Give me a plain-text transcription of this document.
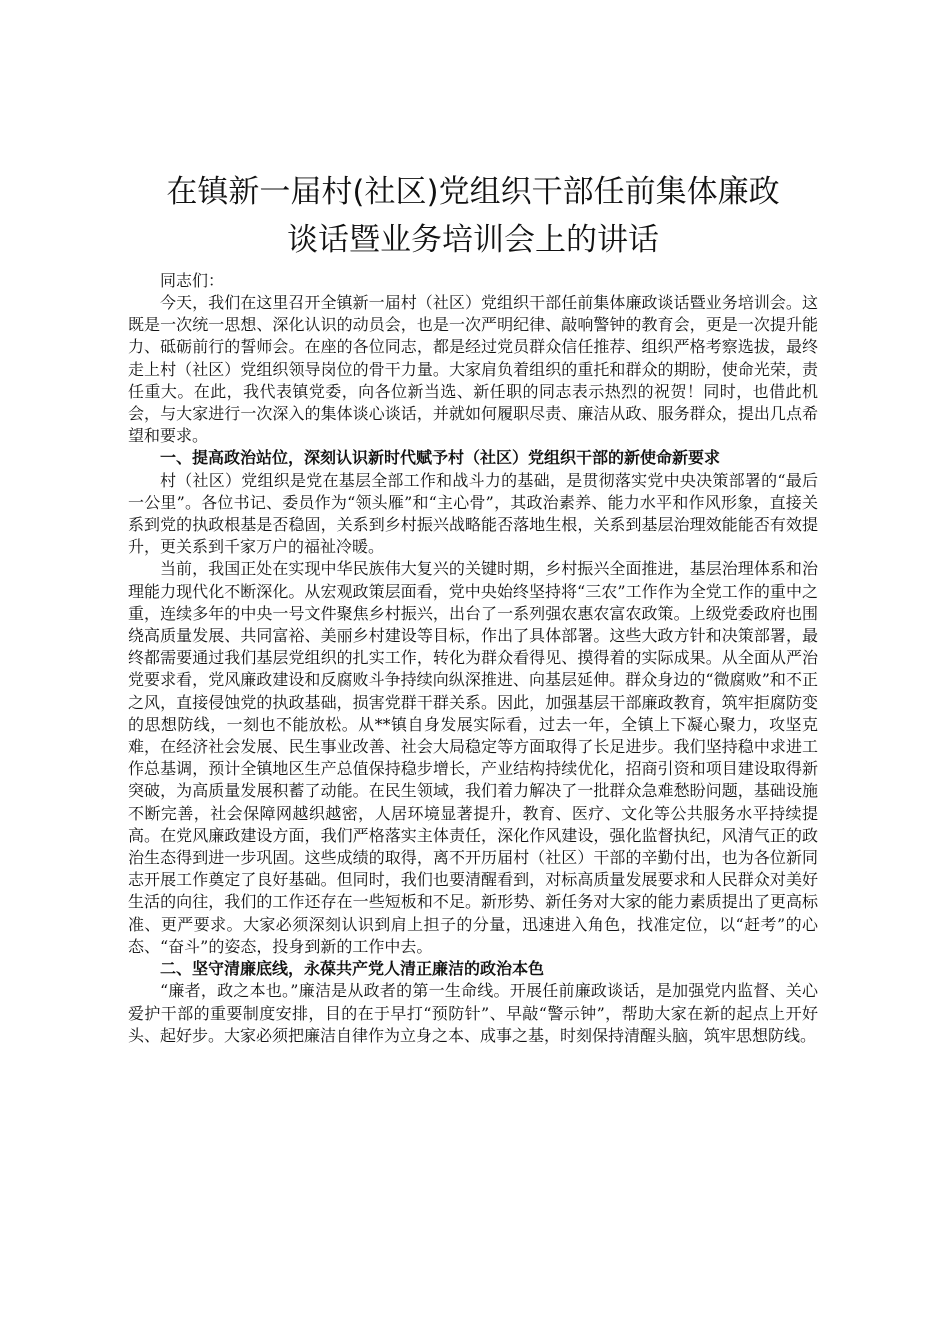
在镇新一届村(社区)党组织干部任前集体廉政
谈话暨业务培训会上的讲话

同志们：

今天，我们在这里召开全镇新一届村（社区）党组织干部任前集体廉政谈话暨业务培训会。这既是一次统一思想、深化认识的动员会，也是一次严明纪律、敲响警钟的教育会，更是一次提升能力、砥砺前行的誓师会。在座的各位同志，都是经过党员群众信任推荐、组织严格考察选拔，最终走上村（社区）党组织领导岗位的骨干力量。大家肩负着组织的重托和群众的期盼，使命光荣，责任重大。在此，我代表镇党委，向各位新当选、新任职的同志表示热烈的祝贺！同时，也借此机会，与大家进行一次深入的集体谈心谈话，并就如何履职尽责、廉洁从政、服务群众，提出几点希望和要求。

一、提高政治站位，深刻认识新时代赋予村（社区）党组织干部的新使命新要求

村（社区）党组织是党在基层全部工作和战斗力的基础，是贯彻落实党中央决策部署的“最后一公里”。各位书记、委员作为“领头雁”和“主心骨”，其政治素养、能力水平和作风形象，直接关系到党的执政根基是否稳固，关系到乡村振兴战略能否落地生根，关系到基层治理效能能否有效提升，更关系到千家万户的福祉冷暖。

当前，我国正处在实现中华民族伟大复兴的关键时期，乡村振兴全面推进，基层治理体系和治理能力现代化不断深化。从宏观政策层面看，党中央始终坚持将“三农”工作作为全党工作的重中之重，连续多年的中央一号文件聚焦乡村振兴，出台了一系列强农惠农富农政策。上级党委政府也围绕高质量发展、共同富裕、美丽乡村建设等目标，作出了具体部署。这些大政方针和决策部署，最终都需要通过我们基层党组织的扎实工作，转化为群众看得见、摸得着的实际成果。从全面从严治党要求看，党风廉政建设和反腐败斗争持续向纵深推进、向基层延伸。群众身边的“微腐败”和不正之风，直接侵蚀党的执政基础，损害党群干群关系。因此，加强基层干部廉政教育，筑牢拒腐防变的思想防线，一刻也不能放松。从**镇自身发展实际看，过去一年，全镇上下凝心聚力，攻坚克难，在经济社会发展、民生事业改善、社会大局稳定等方面取得了长足进步。我们坚持稳中求进工作总基调，预计全镇地区生产总值保持稳步增长，产业结构持续优化，招商引资和项目建设取得新突破，为高质量发展积蓄了动能。在民生领域，我们着力解决了一批群众急难愁盼问题，基础设施不断完善，社会保障网越织越密，人居环境显著提升，教育、医疗、文化等公共服务水平持续提高。在党风廉政建设方面，我们严格落实主体责任，深化作风建设，强化监督执纪，风清气正的政治生态得到进一步巩固。这些成绩的取得，离不开历届村（社区）干部的辛勤付出，也为各位新同志开展工作奠定了良好基础。但同时，我们也要清醒看到，对标高质量发展要求和人民群众对美好生活的向往，我们的工作还存在一些短板和不足。新形势、新任务对大家的能力素质提出了更高标准、更严要求。大家必须深刻认识到肩上担子的分量，迅速进入角色，找准定位，以“赶考”的心态、“奋斗”的姿态，投身到新的工作中去。

二、坚守清廉底线，永葆共产党人清正廉洁的政治本色

“廉者，政之本也。”廉洁是从政者的第一生命线。开展任前廉政谈话，是加强党内监督、关心爱护干部的重要制度安排，目的在于早打“预防针”、早敲“警示钟”，帮助大家在新的起点上开好头、起好步。大家必须把廉洁自律作为立身之本、成事之基，时刻保持清醒头脑，筑牢思想防线。
